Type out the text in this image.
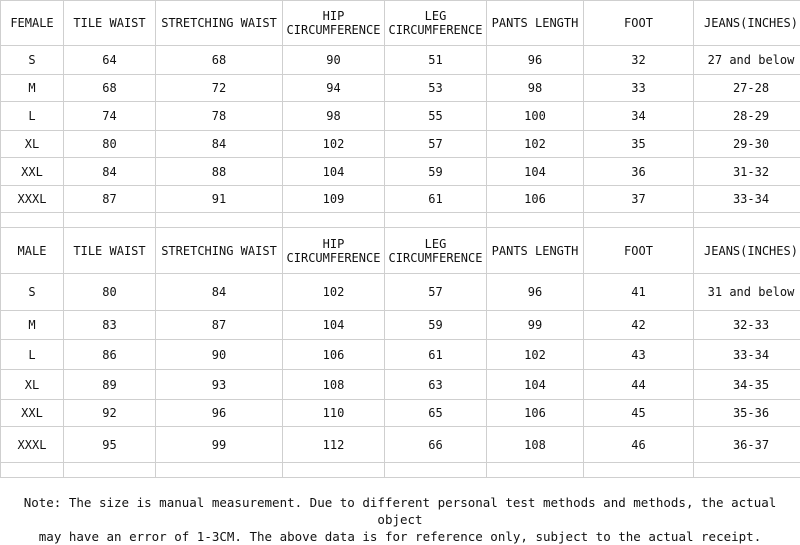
FEMALE	TILE WAIST	STRETCHING WAIST	HIP CIRCUMFERENCE	LEG CIRCUMFERENCE	PANTS LENGTH	FOOT	JEANS(INCHES)
S	64	68	90	51	96	32	27 and below
M	68	72	94	53	98	33	27-28
L	74	78	98	55	100	34	28-29
XL	80	84	102	57	102	35	29-30
XXL	84	88	104	59	104	36	31-32
XXXL	87	91	109	61	106	37	33-34

MALE	TILE WAIST	STRETCHING WAIST	HIP CIRCUMFERENCE	LEG CIRCUMFERENCE	PANTS LENGTH	FOOT	JEANS(INCHES)
S	80	84	102	57	96	41	31 and below
M	83	87	104	59	99	42	32-33
L	86	90	106	61	102	43	33-34
XL	89	93	108	63	104	44	34-35
XXL	92	96	110	65	106	45	35-36
XXXL	95	99	112	66	108	46	36-37

Note: The size is manual measurement. Due to different personal test methods and methods, the actual object
may have an error of 1-3CM. The above data is for reference only, subject to the actual receipt.
